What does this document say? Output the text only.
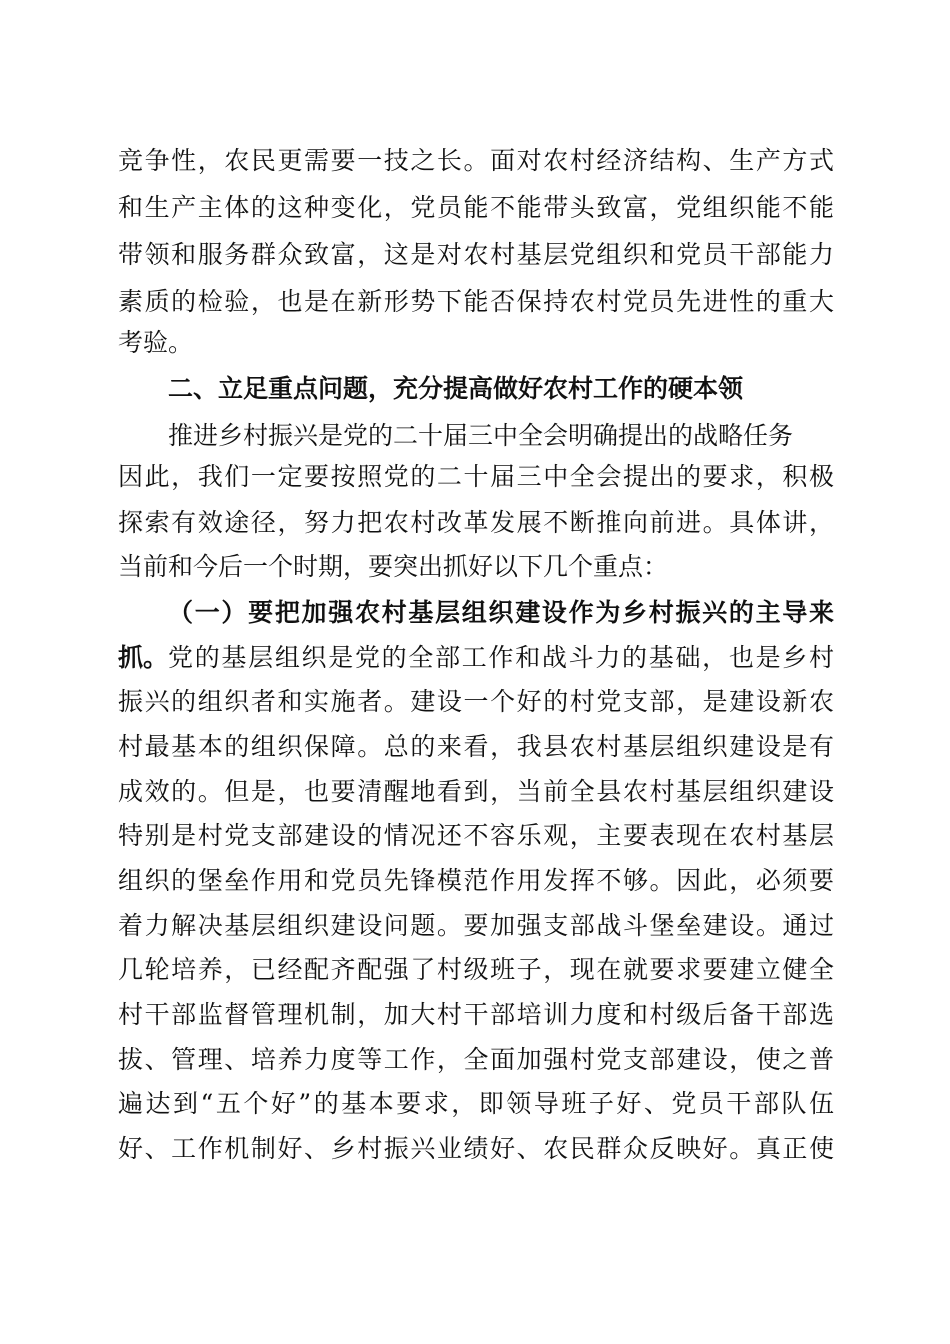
竞争性，农民更需要一技之长。面对农村经济结构、生产方式
和生产主体的这种变化，党员能不能带头致富，党组织能不能
带领和服务群众致富，这是对农村基层党组织和党员干部能力
素质的检验，也是在新形势下能否保持农村党员先进性的重大
考验。
二、立足重点问题，充分提高做好农村工作的硬本领
推进乡村振兴是党的二十届三中全会明确提出的战略任务
因此，我们一定要按照党的二十届三中全会提出的要求，积极
探索有效途径，努力把农村改革发展不断推向前进。具体讲，
当前和今后一个时期，要突出抓好以下几个重点：
（一）要把加强农村基层组织建设作为乡村振兴的主导来
抓。 党的基层组织是党的全部工作和战斗力的基础，也是乡村
振兴的组织者和实施者。建设一个好的村党支部，是建设新农
村最基本的组织保障。总的来看，我县农村基层组织建设是有
成效的。但是，也要清醒地看到，当前全县农村基层组织建设
特别是村党支部建设的情况还不容乐观，主要表现在农村基层
组织的堡垒作用和党员先锋模范作用发挥不够。因此，必须要
着力解决基层组织建设问题。要加强支部战斗堡垒建设。通过
几轮培养，已经配齐配强了村级班子，现在就要求要建立健全
村干部监督管理机制，加大村干部培训力度和村级后备干部选
拔、管理、培养力度等工作，全面加强村党支部建设，使之普
遍达到“五个好”的基本要求，即领导班子好、党员干部队伍
好、工作机制好、乡村振兴业绩好、农民群众反映好。真正使
